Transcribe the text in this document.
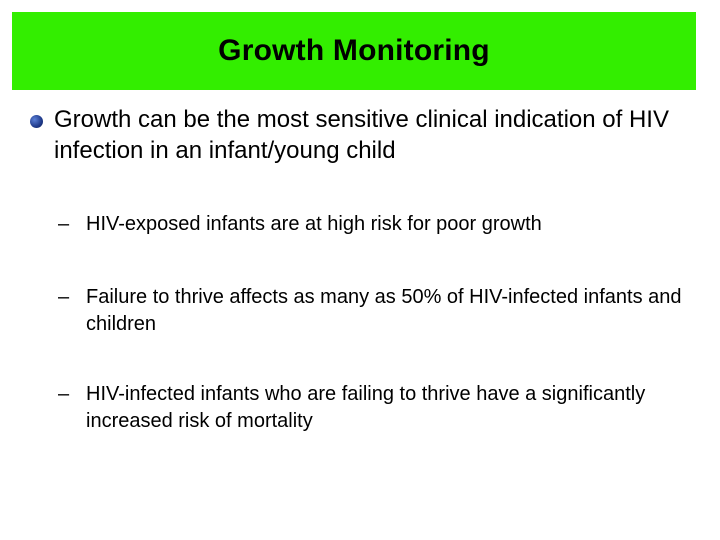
Growth Monitoring
Growth can be the most sensitive clinical indication of HIV infection in an infant/young child
– HIV-exposed infants are at high risk for poor growth
– Failure to thrive affects as many as 50% of HIV-infected infants and children
– HIV-infected infants who are failing to thrive have a significantly increased risk of mortality
